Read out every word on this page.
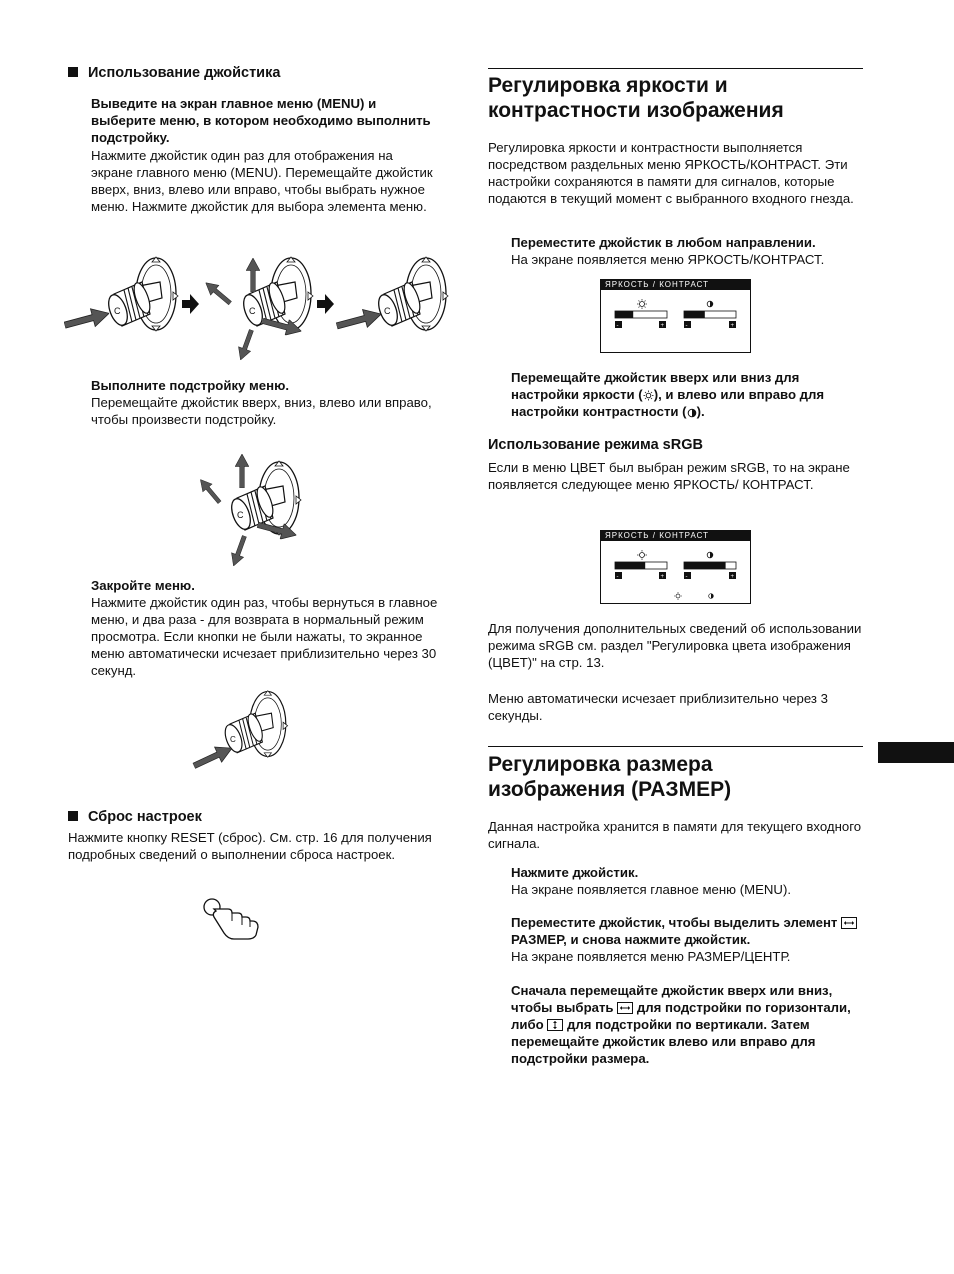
Использование джойстика
Выведите на экран главное меню (MENU) и выберите меню, в котором необходимо выполнить подстройку.
Нажмите джойстик один раз для отображения на экране главного меню (MENU). Перемещайте джойстик вверх, вниз, влево или вправо, чтобы выбрать нужное меню. Нажмите джойстик для выбора элемента меню.
Выполните подстройку меню.
Перемещайте джойстик вверх, вниз, влево или вправо, чтобы произвести подстройку.
Закройте меню.
Нажмите джойстик один раз, чтобы вернуться в главное меню, и два раза - для возврата в нормальный режим просмотра. Если кнопки не были нажаты, то экранное меню автоматически исчезает приблизительно через 30 секунд.
Сброс настроек
Нажмите кнопку RESET (сброс). См. стр. 16 для получения подробных сведений о выполнении сброса настроек.
Регулировка яркости и контрастности изображения
Регулировка яркости и контрастности выполняется посредством раздельных меню ЯРКОСТЬ/КОНТРАСТ. Эти настройки сохраняются в памяти для сигналов, которые подаются в текущий момент с выбранного входного гнезда.
Переместите джойстик в любом направлении.
На экране появляется меню ЯРКОСТЬ/КОНТРАСТ.
ЯРКОСТЬ / КОНТРАСТ
-	+	-	+
Перемещайте джойстик вверх или вниз для настройки яркости ( ), и влево или вправо для настройки контрастности ( ).
Использование режима sRGB
Если в меню ЦВЕТ был выбран режим sRGB, то на экране появляется следующее меню ЯРКОСТЬ/ КОНТРАСТ.
ЯРКОСТЬ / КОНТРАСТ
-	+	-	+
Для получения дополнительных сведений об использовании режима sRGB см. раздел "Регулировка цвета изображения (ЦВЕТ)" на стр. 13.
Меню автоматически исчезает приблизительно через 3 секунды.
Регулировка размера изображения (РАЗМЕР)
Данная настройка хранится в памяти для текущего входного сигнала.
Нажмите джойстик.
На экране появляется главное меню (MENU).
Переместите джойстик, чтобы выделить элемент  РАЗМЕР, и снова нажмите джойстик.
На экране появляется меню РАЗМЕР/ЦЕНТР.
Сначала перемещайте джойстик вверх или вниз, чтобы выбрать для подстройки по горизонтали, либо для подстройки по вертикали. Затем перемещайте джойстик влево или вправо для подстройки размера.
